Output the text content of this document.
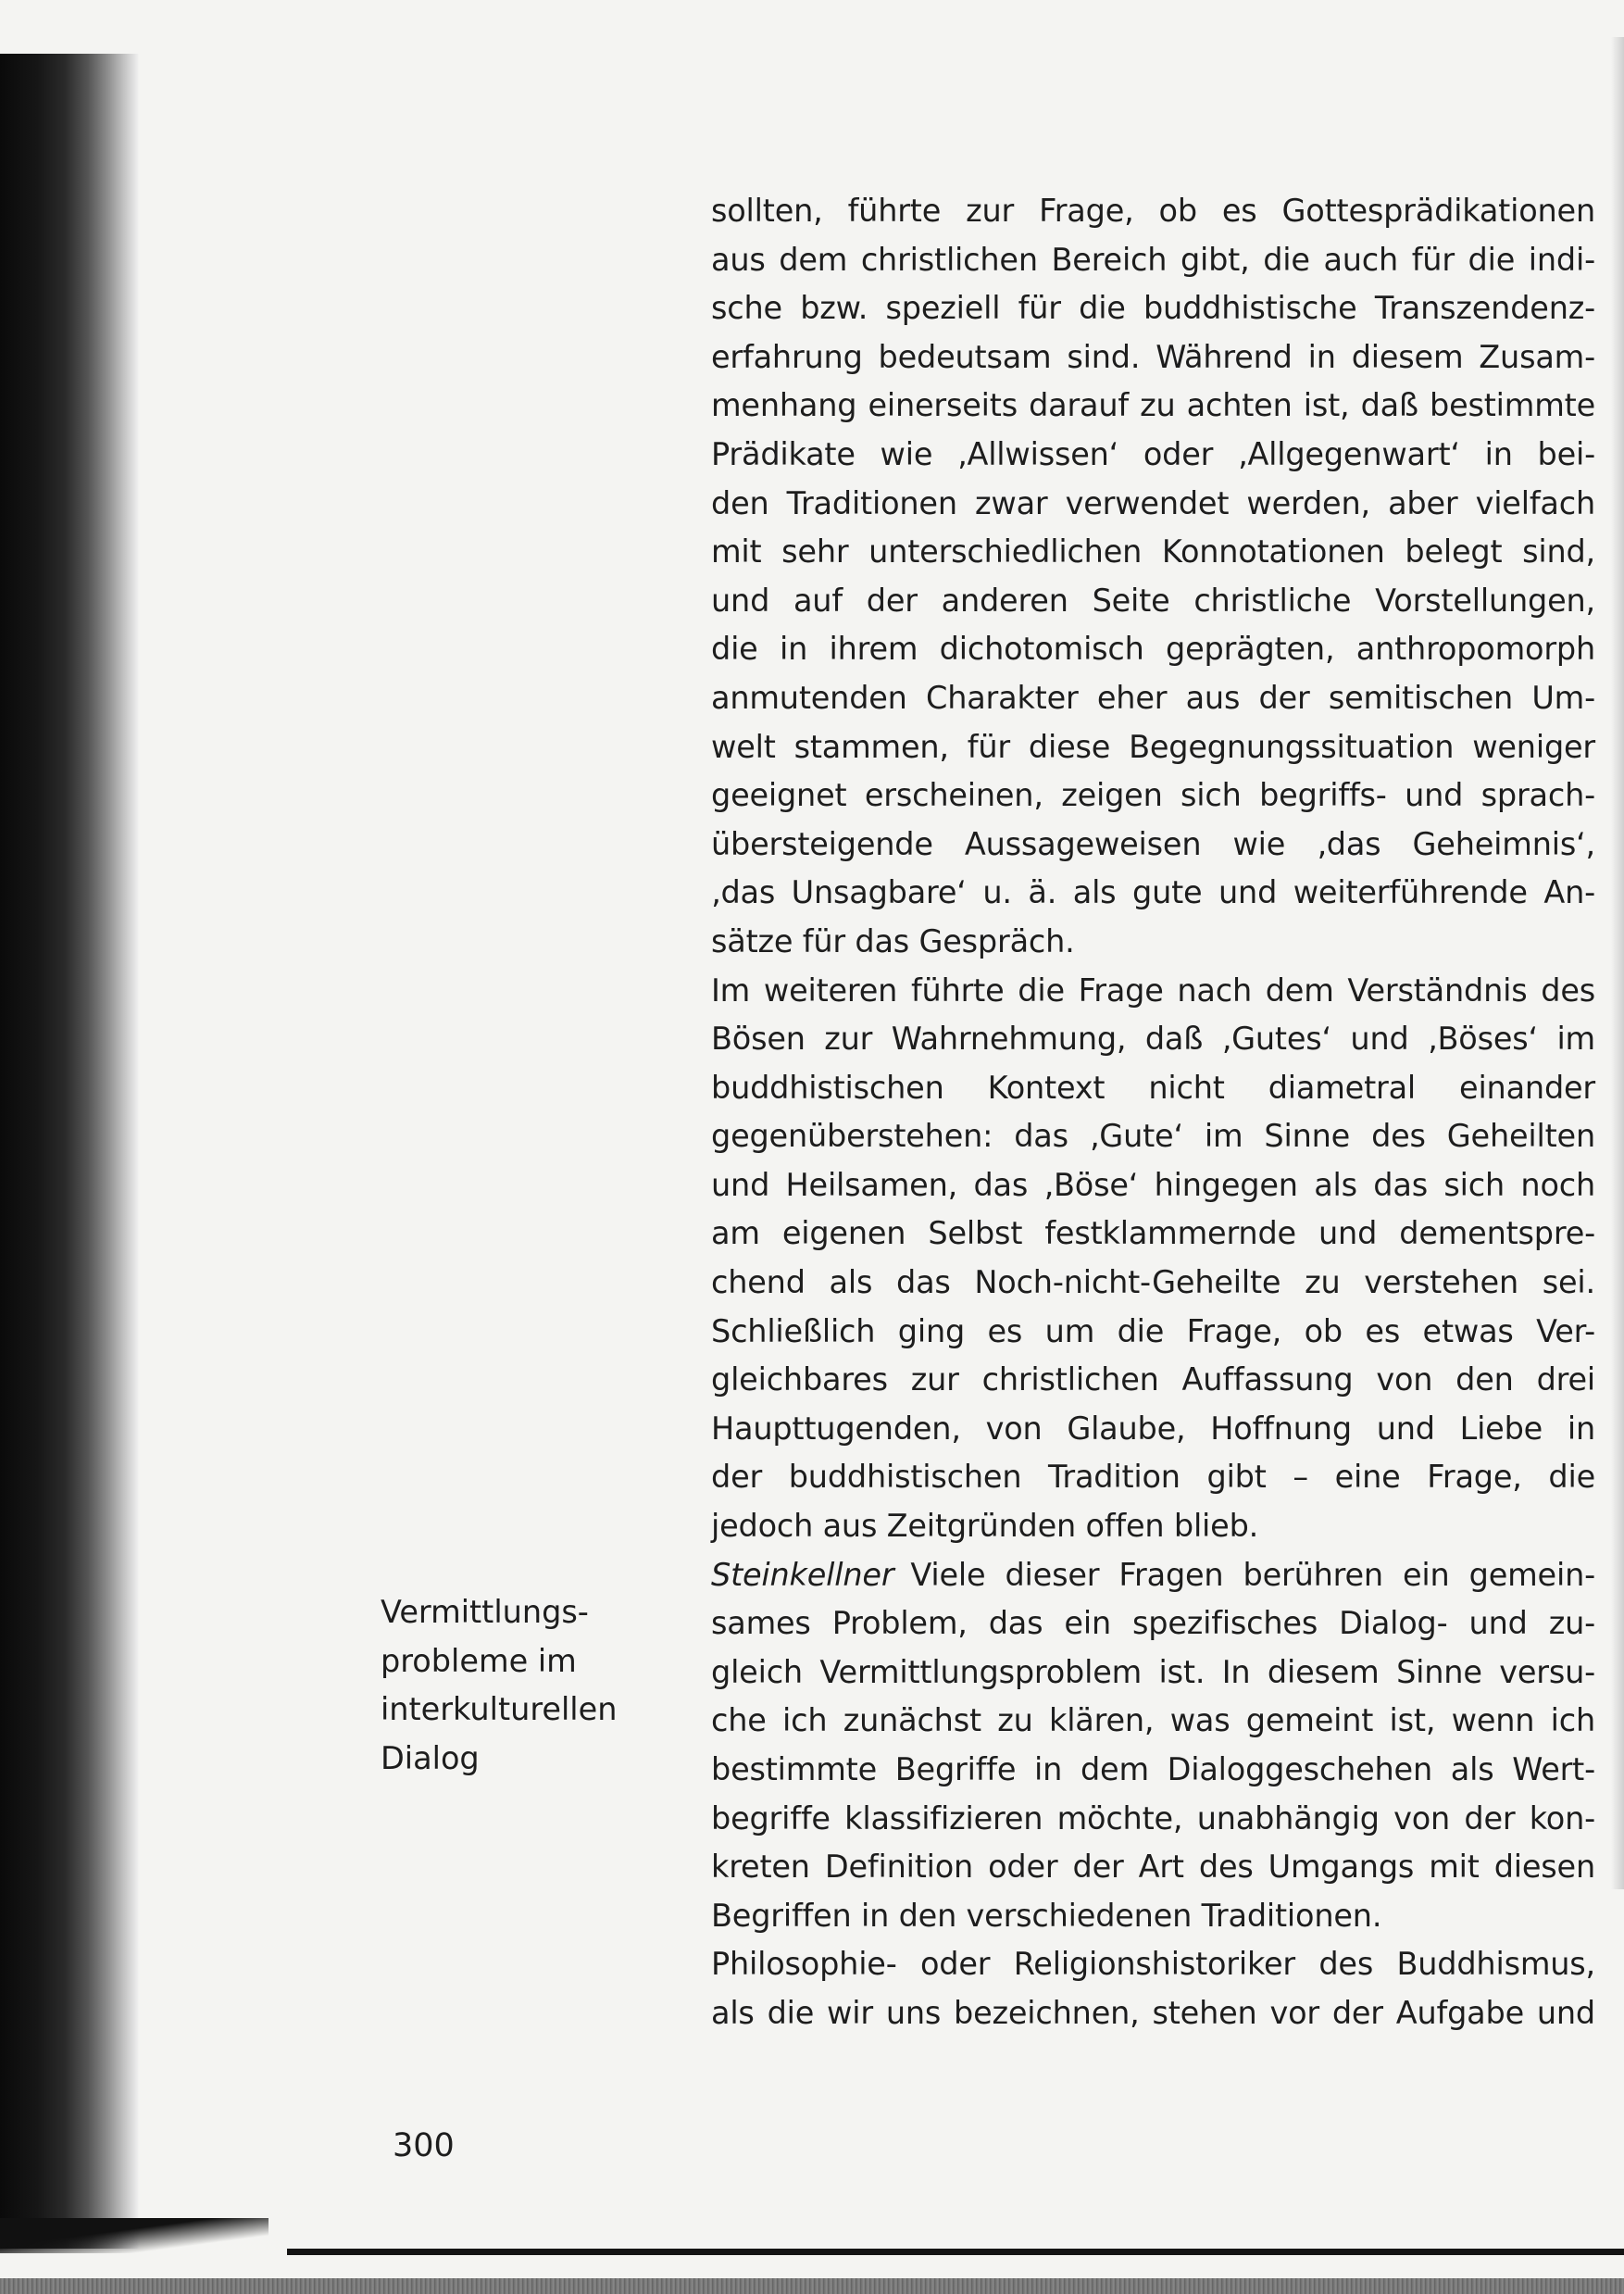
Vermittlungs-
probleme im
interkulturellen
Dialog
sollten, führte zur Frage, ob es Gottesprädikationen
aus dem christlichen Bereich gibt, die auch für die indi-
sche bzw. speziell für die buddhistische Transzendenz-
erfahrung bedeutsam sind. Während in diesem Zusam-
menhang einerseits darauf zu achten ist, daß bestimmte
Prädikate wie ‚Allwissen‘ oder ‚Allgegenwart‘ in bei-
den Traditionen zwar verwendet werden, aber vielfach
mit sehr unterschiedlichen Konnotationen belegt sind,
und auf der anderen Seite christliche Vorstellungen,
die in ihrem dichotomisch geprägten, anthropomorph
anmutenden Charakter eher aus der semitischen Um-
welt stammen, für diese Begegnungssituation weniger
geeignet erscheinen, zeigen sich begriffs- und sprach-
übersteigende Aussageweisen wie ‚das Geheimnis‘,
‚das Unsagbare‘ u. ä. als gute und weiterführende An-
sätze für das Gespräch.
Im weiteren führte die Frage nach dem Verständnis des
Bösen zur Wahrnehmung, daß ‚Gutes‘ und ‚Böses‘ im
buddhistischen Kontext nicht diametral einander
gegenüberstehen: das ‚Gute‘ im Sinne des Geheilten
und Heilsamen, das ‚Böse‘ hingegen als das sich noch
am eigenen Selbst festklammernde und dementspre-
chend als das Noch-nicht-Geheilte zu verstehen sei.
Schließlich ging es um die Frage, ob es etwas Ver-
gleichbares zur christlichen Auffassung von den drei
Haupttugenden, von Glaube, Hoffnung und Liebe in
der buddhistischen Tradition gibt – eine Frage, die
jedoch aus Zeitgründen offen blieb.
Steinkellner Viele dieser Fragen berühren ein gemein-
sames Problem, das ein spezifisches Dialog- und zu-
gleich Vermittlungsproblem ist. In diesem Sinne versu-
che ich zunächst zu klären, was gemeint ist, wenn ich
bestimmte Begriffe in dem Dialoggeschehen als Wert-
begriffe klassifizieren möchte, unabhängig von der kon-
kreten Definition oder der Art des Umgangs mit diesen
Begriffen in den verschiedenen Traditionen.
Philosophie- oder Religionshistoriker des Buddhismus,
als die wir uns bezeichnen, stehen vor der Aufgabe und
300
